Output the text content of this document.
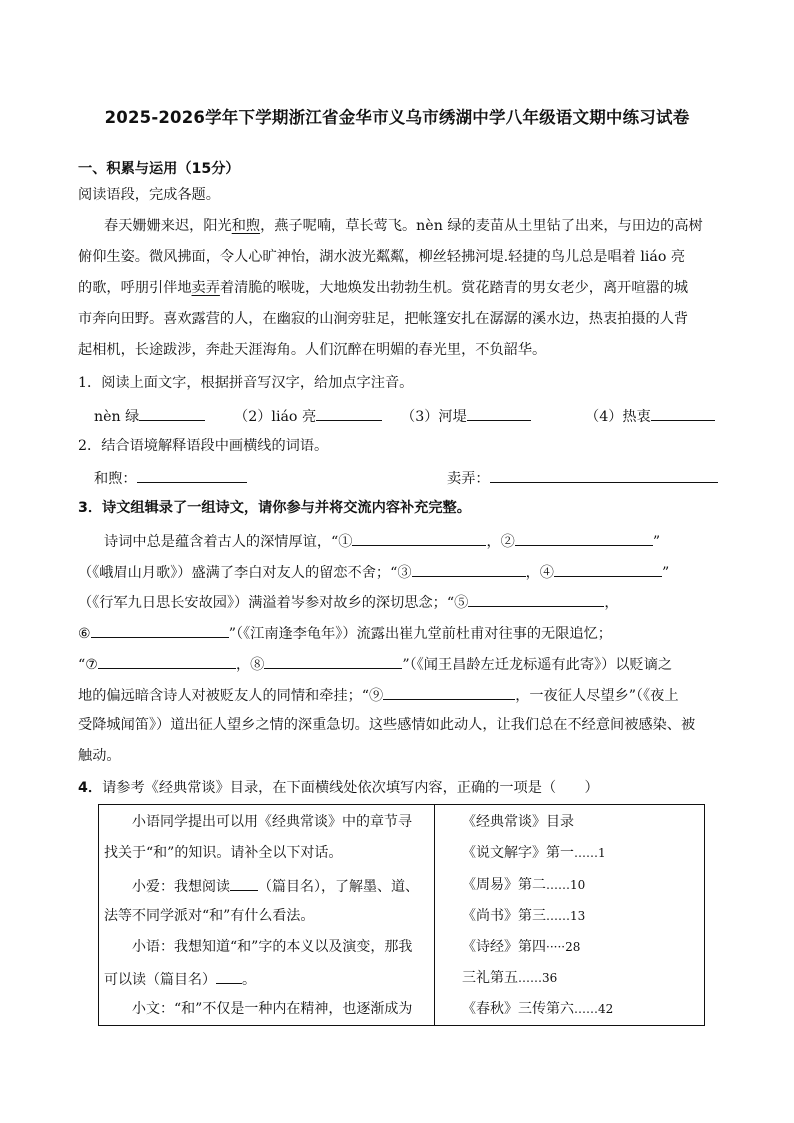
2025-2026学年下学期浙江省金华市义乌市绣湖中学八年级语文期中练习试卷
一、积累与运用（15分）
阅读语段，完成各题。
春天姗姗来迟，阳光和煦，燕子呢喃，草长莺飞。nèn 绿的麦苗从土里钻了出来，与田边的高树
俯仰生姿。微风拂面，令人心旷神怡，湖水波光粼粼，柳丝轻拂河堤.轻捷的鸟儿总是唱着 liáo 亮
的歌，呼朋引伴地卖弄着清脆的喉咙，大地焕发出勃勃生机。赏花踏青的男女老少，离开喧嚣的城
市奔向田野。喜欢露营的人，在幽寂的山涧旁驻足，把帐篷安扎在潺潺的溪水边，热衷拍摄的人背
起相机，长途跋涉，奔赴天涯海角。人们沉醉在明媚的春光里，不负韶华。
1．阅读上面文字，根据拼音写汉字，给加点字注音。
nèn 绿	（2）liáo 亮	（3）河堤	（4）热衷
2．结合语境解释语段中画横线的词语。
和煦：	卖弄：
3．诗文组辑录了一组诗文，请你参与并将交流内容补充完整。
诗词中总是蕴含着古人的深情厚谊，“①	，②	”
（《峨眉山月歌》）盛满了李白对友人的留恋不舍；“③	，④	”
（《行军九日思长安故园》）满溢着岑参对故乡的深切思念；“⑤	，
⑥	”（《江南逢李龟年》）流露出崔九堂前杜甫对往事的无限追忆；
“⑦	，⑧	”（《闻王昌龄左迁龙标遥有此寄》）以贬谪之
地的偏远暗含诗人对被贬友人的同情和牵挂；“⑨	，一夜征人尽望乡”（《夜上
受降城闻笛》）道出征人望乡之情的深重急切。这些感情如此动人，让我们总在不经意间被感染、被
触动。
4．请参考《经典常谈》目录，在下面横线处依次填写内容，正确的一项是（　　）
小语同学提出可以用《经典常谈》中的章节寻
找关于“和”的知识。请补全以下对话。
小爱：我想阅读 （篇目名），了解墨、道、
法等不同学派对“和”有什么看法。
小语：我想知道“和”字的本义以及演变，那我
可以读（篇目名） 。
小文：“和”不仅是一种内在精神，也逐渐成为
《经典常谈》目录
《说文解字》第一……1
《周易》第二……10
《尚书》第三……13
《诗经》第四·····28
三礼第五……36
《春秋》三传第六……42
